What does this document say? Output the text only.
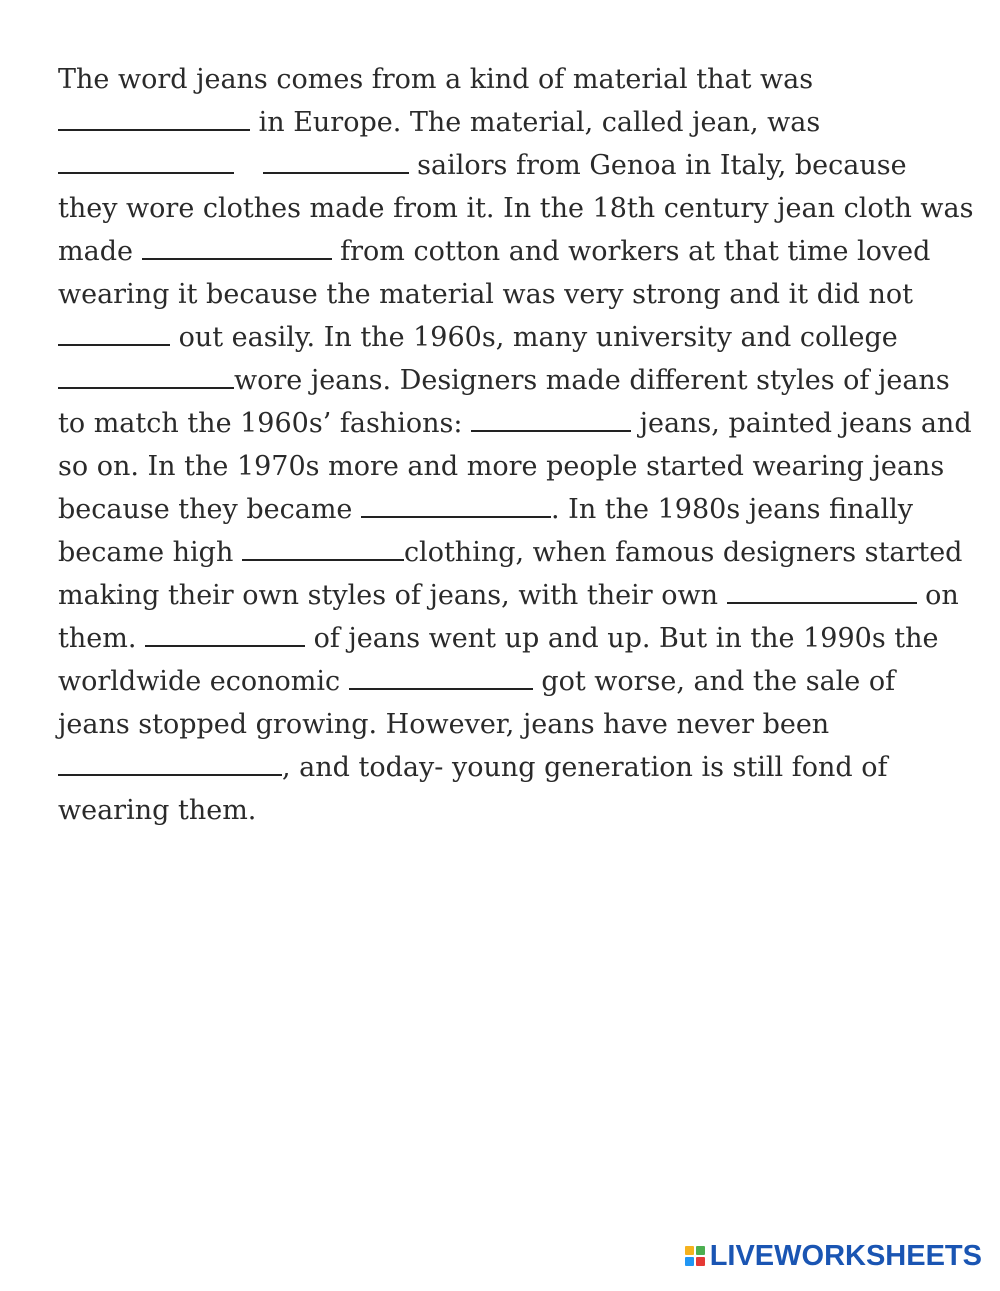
The word jeans comes from a kind of material that was
in Europe. The material, called jean, was
sailors from Genoa in Italy, because
they wore clothes made from it. In the 18th century jean cloth was
made	from cotton and workers at that time loved
wearing it because the material was very strong and it did not
out easily. In the 1960s, many university and college
wore jeans. Designers made different styles of jeans
to match the 1960s’ fashions:	jeans, painted jeans and
so on. In the 1970s more and more people started wearing jeans
because they became	. In the 1980s jeans finally
became high	clothing, when famous designers started
making their own styles of jeans, with their own	on
them.	of jeans went up and up. But in the 1990s the
worldwide economic	got worse, and the sale of
jeans stopped growing. However, jeans have never been
, and today- young generation is still fond of
wearing them.
LIVEWORKSHEETS
